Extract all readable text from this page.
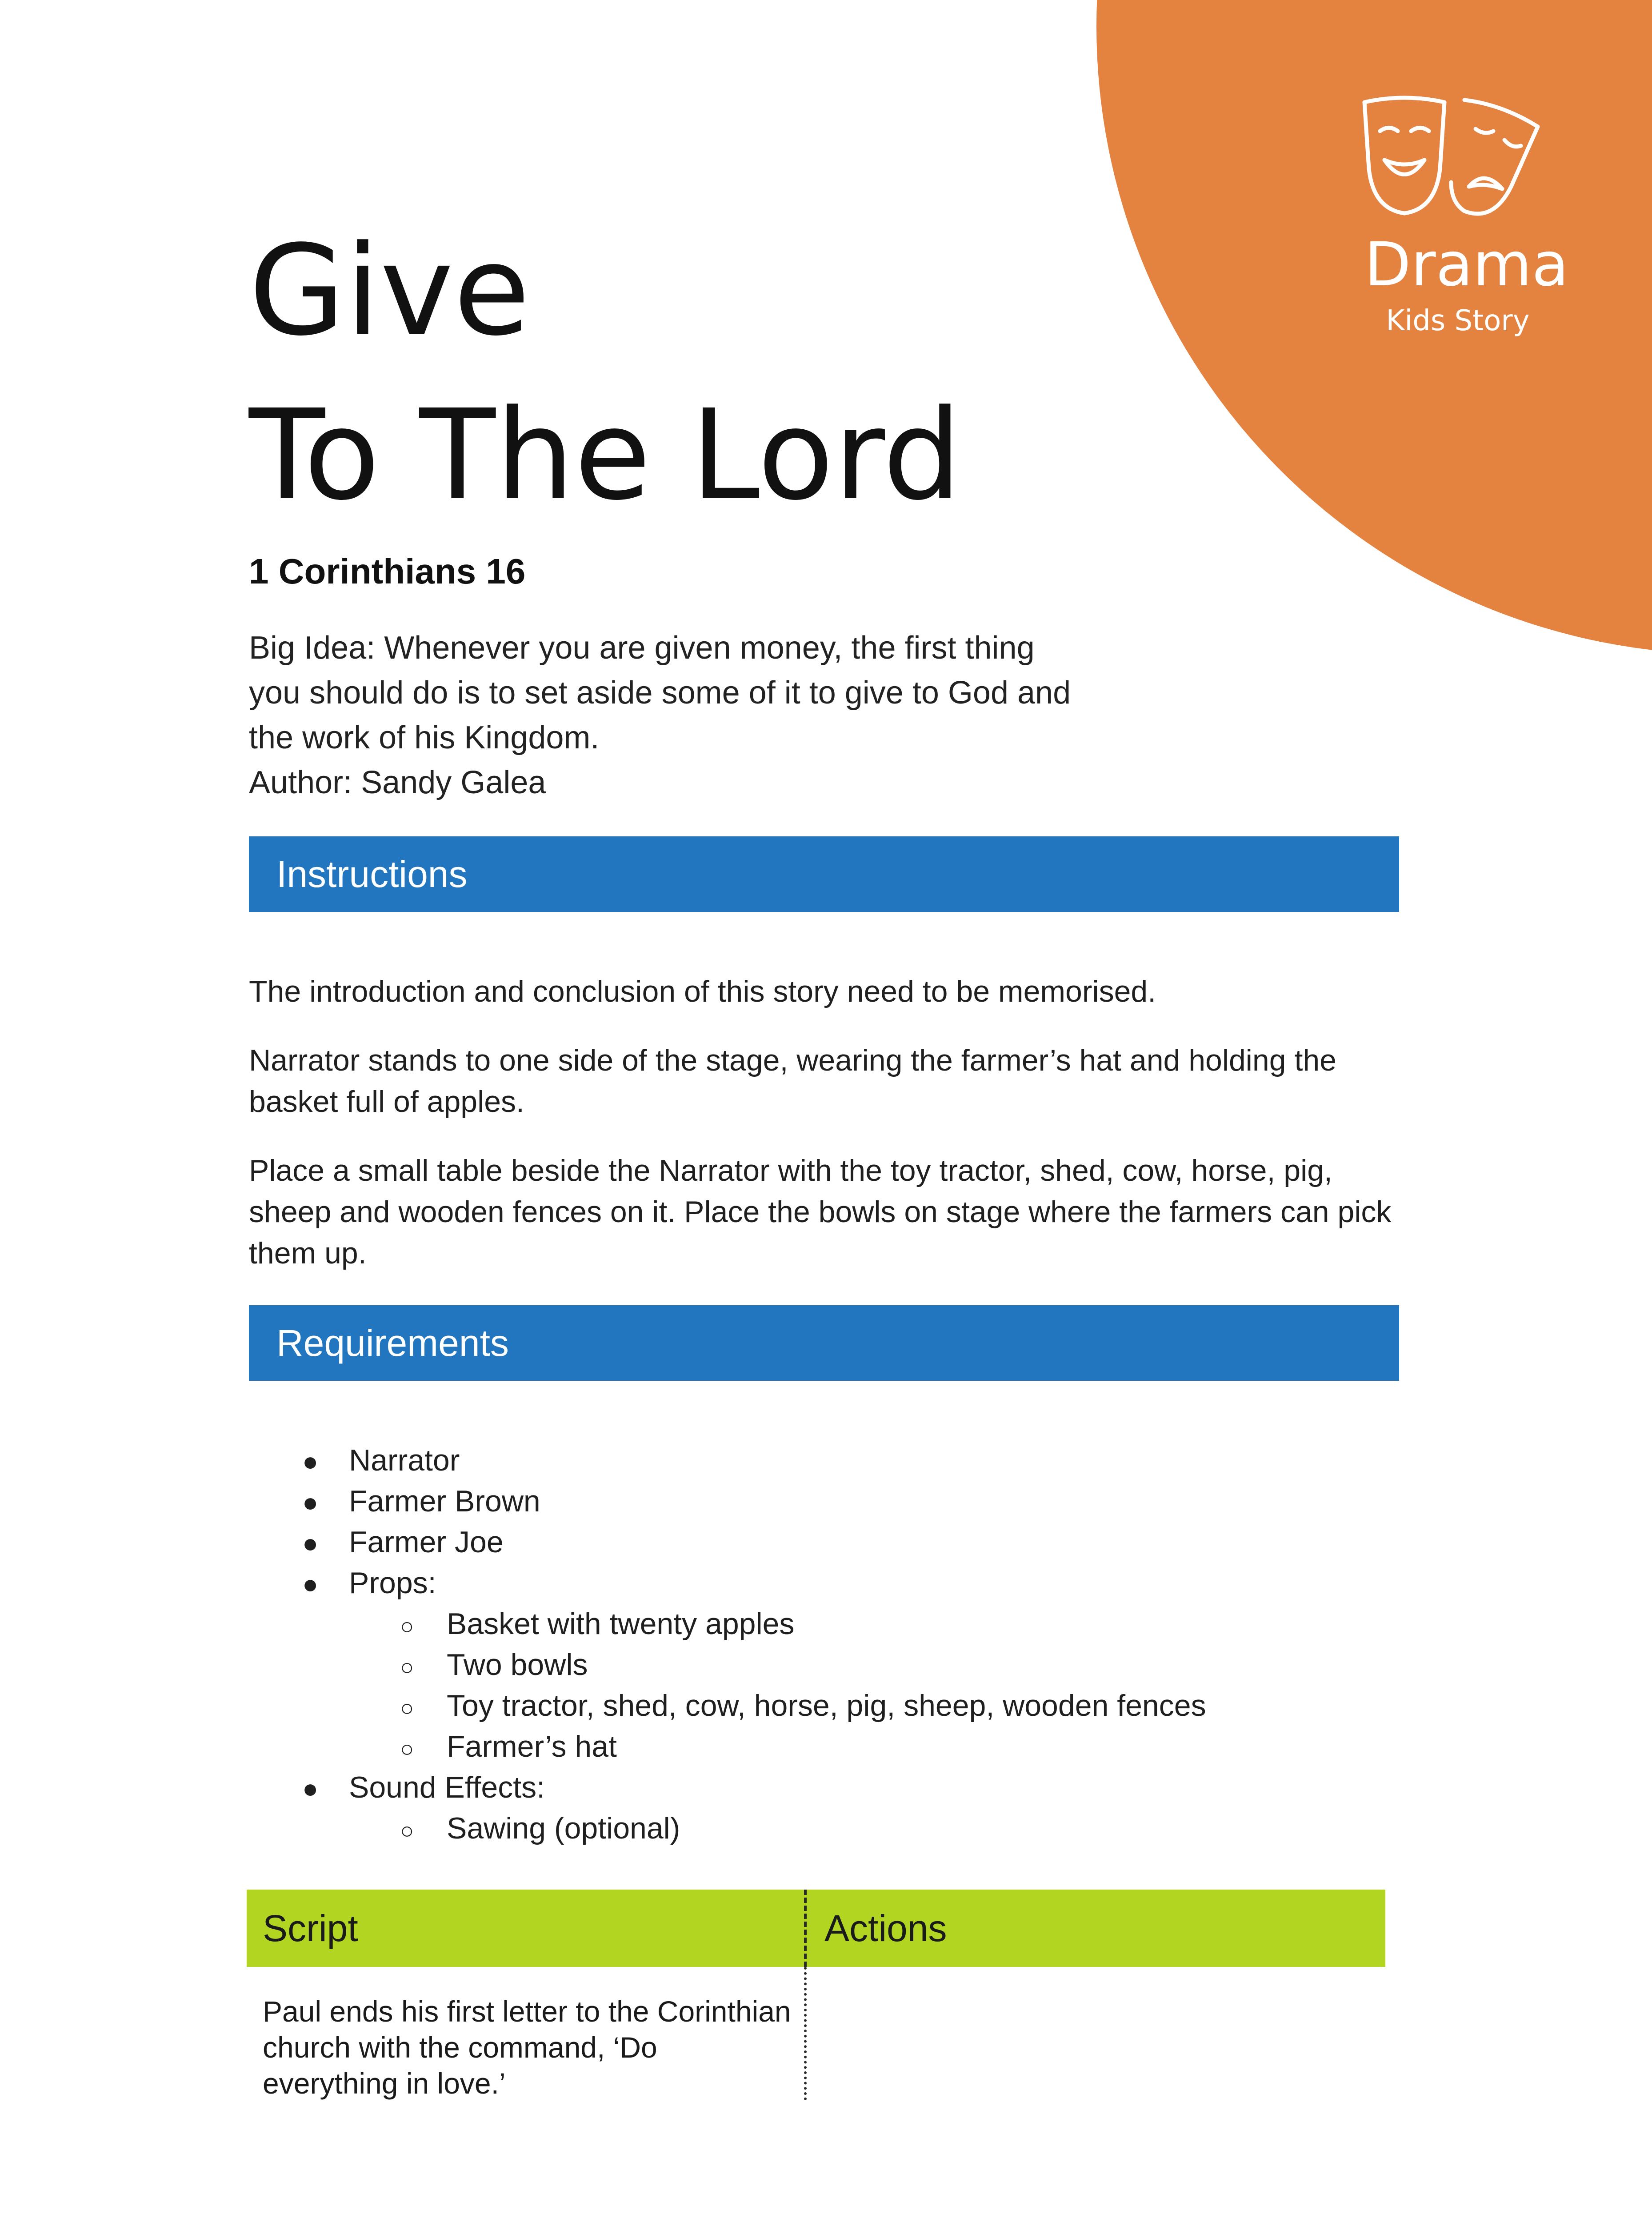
Drama
Kids Story
Give
To The Lord
1 Corinthians 16

Big Idea: Whenever you are given money, the first thing you should do is to set aside some of it to give to God and the work of his Kingdom.

Author: Sandy Galea

Instructions

The introduction and conclusion of this story need to be memorised.

Narrator stands to one side of the stage, wearing the farmer’s hat and holding the basket full of apples.

Place a small table beside the Narrator with the toy tractor, shed, cow, horse, pig, sheep and wooden fences on it. Place the bowls on stage where the farmers can pick them up.

Requirements
●	Narrator
●	Farmer Brown
●	Farmer Joe
●	Props:
○	Basket with twenty apples
○	Two bowls
○	Toy tractor, shed, cow, horse, pig, sheep, wooden fences
○	Farmer’s hat
●	Sound Effects:
○	Sawing (optional)
Script	Actions
Paul ends his first letter to the Corinthian church with the command, ‘Do everything in love.’
